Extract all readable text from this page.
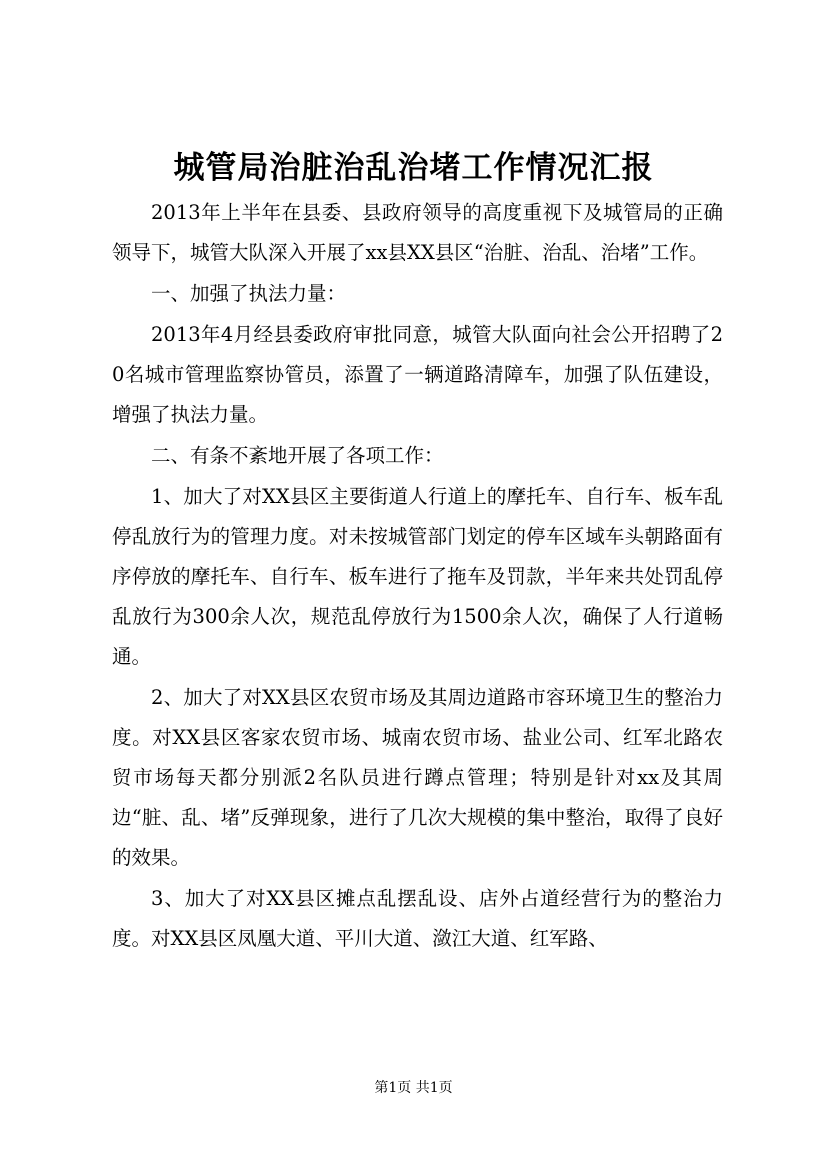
城管局治脏治乱治堵工作情况汇报

2013年上半年在县委、县政府领导的高度重视下及城管局的正确领导下，城管大队深入开展了xx县XX县区“治脏、治乱、治堵”工作。

一、加强了执法力量：

2013年4月经县委政府审批同意，城管大队面向社会公开招聘了20名城市管理监察协管员，添置了一辆道路清障车，加强了队伍建设，增强了执法力量。

二、有条不紊地开展了各项工作：

1、加大了对XX县区主要街道人行道上的摩托车、自行车、板车乱停乱放行为的管理力度。对未按城管部门划定的停车区域车头朝路面有序停放的摩托车、自行车、板车进行了拖车及罚款，半年来共处罚乱停乱放行为300余人次，规范乱停放行为1500余人次，确保了人行道畅通。

2、加大了对XX县区农贸市场及其周边道路市容环境卫生的整治力度。对XX县区客家农贸市场、城南农贸市场、盐业公司、红军北路农贸市场每天都分别派2名队员进行蹲点管理；特别是针对xx及其周边“脏、乱、堵”反弹现象，进行了几次大规模的集中整治，取得了良好的效果。

3、加大了对XX县区摊点乱摆乱设、店外占道经营行为的整治力度。对XX县区凤凰大道、平川大道、潋江大道、红军路、

第1页 共1页
